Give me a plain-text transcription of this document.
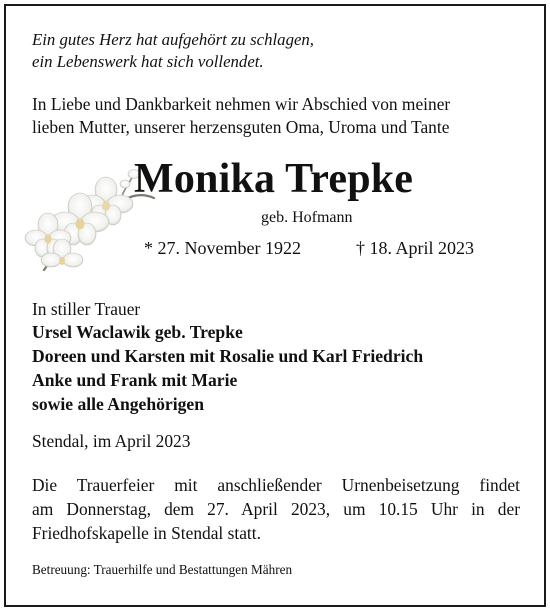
Ein gutes Herz hat aufgehört zu schlagen,

ein Lebenswerk hat sich vollendet.

In Liebe und Dankbarkeit nehmen wir Abschied von meiner

lieben Mutter, unserer herzensguten Oma, Uroma und Tante

Monika Trepke

geb. Hofmann

* 27. November 1922	† 18. April 2023

In stiller Trauer

Ursel Waclawik geb. Trepke

Doreen und Karsten mit Rosalie und Karl Friedrich

Anke und Frank mit Marie

sowie alle Angehörigen

Stendal, im April 2023

Die Trauerfeier mit anschließender Urnenbeisetzung findet

am Donnerstag, dem 27. April 2023, um 10.15 Uhr in der

Friedhofskapelle in Stendal statt.

Betreuung: Trauerhilfe und Bestattungen Mähren
